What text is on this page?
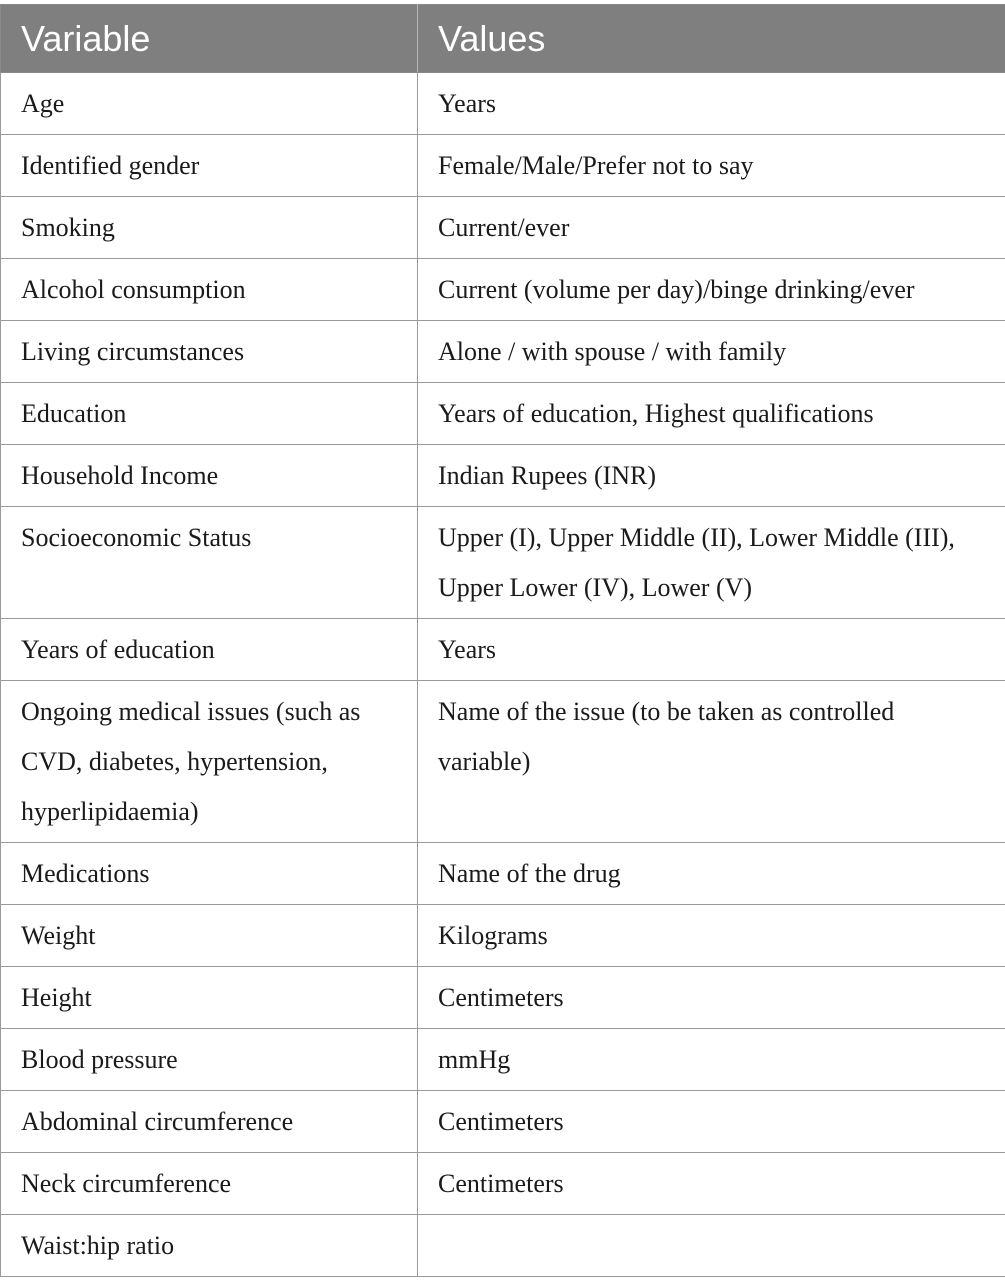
Variable	Values
Age	Years
Identified gender	Female/Male/Prefer not to say
Smoking	Current/ever
Alcohol consumption	Current (volume per day)/binge drinking/ever
Living circumstances	Alone / with spouse / with family
Education	Years of education, Highest qualifications
Household Income	Indian Rupees (INR)
Socioeconomic Status	Upper (I), Upper Middle (II), Lower Middle (III), Upper Lower (IV), Lower (V)
Years of education	Years
Ongoing medical issues (such as CVD, diabetes, hypertension, hyperlipidaemia)	Name of the issue (to be taken as controlled variable)
Medications	Name of the drug
Weight	Kilograms
Height	Centimeters
Blood pressure	mmHg
Abdominal circumference	Centimeters
Neck circumference	Centimeters
Waist:hip ratio	
